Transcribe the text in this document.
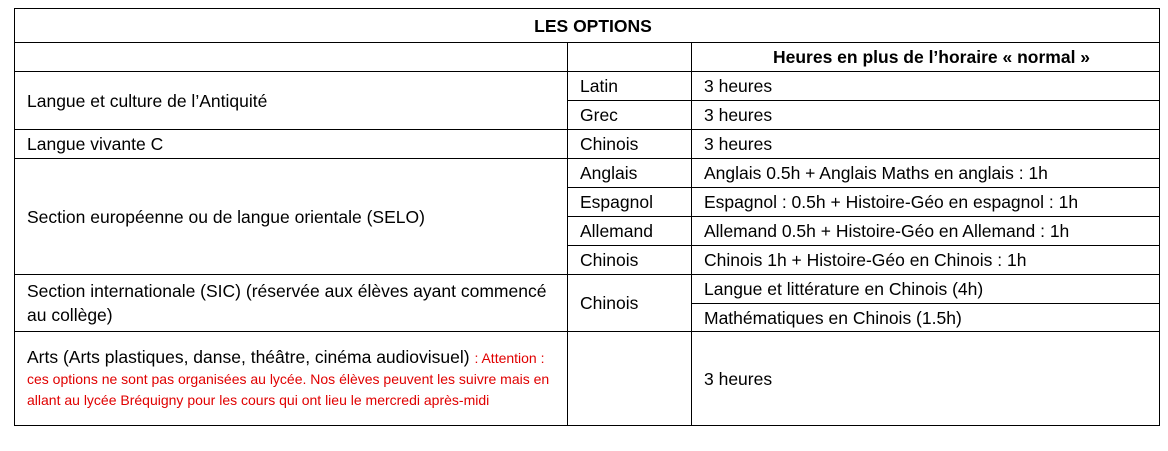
LES OPTIONS		
		Heures en plus de l’horaire « normal »
Langue et culture de l’Antiquité	Latin	3 heures
	Grec	3 heures
Langue vivante C	Chinois	3 heures
Section européenne ou de langue orientale (SELO)	Anglais	Anglais 0.5h + Anglais Maths en anglais : 1h
	Espagnol	Espagnol : 0.5h + Histoire-Géo en espagnol : 1h
	Allemand	Allemand 0.5h + Histoire-Géo en Allemand : 1h
	Chinois	Chinois 1h + Histoire-Géo en Chinois : 1h
Section internationale (SIC) (réservée aux élèves ayant commencé au collège)	Chinois	Langue et littérature en Chinois (4h)
		Mathématiques en Chinois (1.5h)
Arts (Arts plastiques, danse, théâtre, cinéma audiovisuel) : Attention : ces options ne sont pas organisées au lycée. Nos élèves peuvent les suivre mais en allant au lycée Bréquigny pour les cours qui ont lieu le mercredi après-midi		3 heures
